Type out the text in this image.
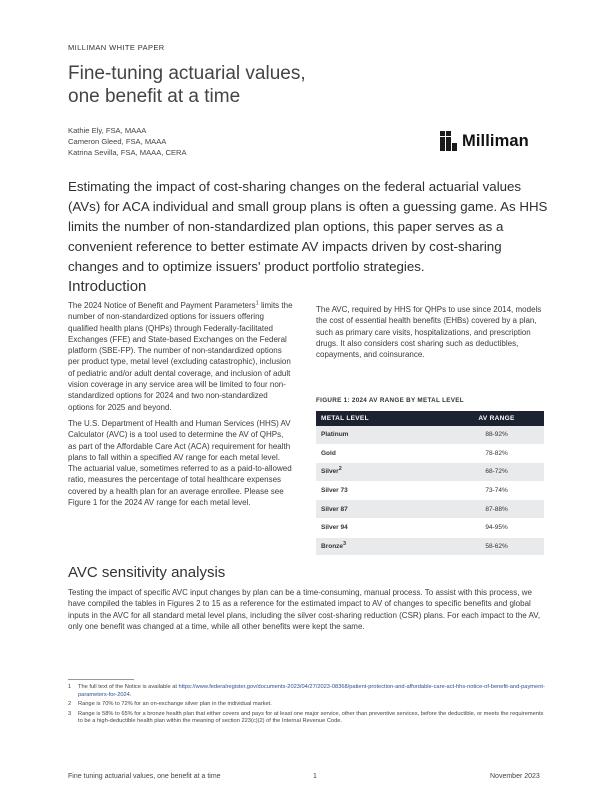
MILLIMAN WHITE PAPER
Fine-tuning actuarial values,
one benefit at a time
Kathie Ely, FSA, MAAA
Cameron Gleed, FSA, MAAA
Katrina Sevilla, FSA, MAAA, CERA
Milliman
Estimating the impact of cost-sharing changes on the federal actuarial values (AVs) for ACA individual and small group plans is often a guessing game. As HHS limits the number of non-standardized plan options, this paper serves as a convenient reference to better estimate AV impacts driven by cost-sharing changes and to optimize issuers' product portfolio strategies.
Introduction

The 2024 Notice of Benefit and Payment Parameters$^1$ limits the number of non-standardized options for issuers offering qualified health plans (QHPs) through Federally-facilitated Exchanges (FFE) and State-based Exchanges on the Federal platform (SBE-FP). The number of non-standardized options per product type, metal level (excluding catastrophic), inclusion of pediatric and/or adult dental coverage, and inclusion of adult vision coverage in any service area will be limited to four non-standardized options for 2024 and two non-standardized options for 2025 and beyond.

The U.S. Department of Health and Human Services (HHS) AV Calculator (AVC) is a tool used to determine the AV of QHPs, as part of the Affordable Care Act (ACA) requirement for health plans to fall within a specified AV range for each metal level. The actuarial value, sometimes referred to as a paid-to-allowed ratio, measures the percentage of total healthcare expenses covered by a health plan for an average enrollee. Please see Figure 1 for the 2024 AV range for each metal level.

The AVC, required by HHS for QHPs to use since 2014, models the cost of essential health benefits (EHBs) covered by a plan, such as primary care visits, hospitalizations, and prescription drugs. It also considers cost sharing such as deductibles, copayments, and coinsurance.

FIGURE 1: 2024 AV RANGE BY METAL LEVEL
METAL LEVEL	AV RANGE
Platinum	88-92%
Gold	78-82%
Silver$^2$	68-72%
Silver 73	73-74%
Silver 87	87-88%
Silver 94	94-95%
Bronze$^3$	58-62%
AVC sensitivity analysis
Testing the impact of specific AVC input changes by plan can be a time-consuming, manual process. To assist with this process, we have compiled the tables in Figures 2 to 15 as a reference for the estimated impact to AV of changes to specific benefits and global inputs in the AVC for all standard metal level plans, including the silver cost-sharing reduction (CSR) plans. For each impact to the AV, only one benefit was changed at a time, while all other benefits were kept the same.
1	The full text of the Notice is available at https://www.federalregister.gov/documents-2023/04/27/2023-08368/patient-protection-and-affordable-care-act-hhs-notice-of-benefit-and-payment-parameters-for-2024.
2	Range is 70% to 72% for an on-exchange silver plan in the individual market.
3	Range is 58% to 65% for a bronze health plan that either covers and pays for at least one major service, other than preventive services, before the deductible, or meets the requirements to be a high-deductible health plan within the meaning of section 223(c)(2) of the Internal Revenue Code.
Fine tuning actuarial values, one benefit at a time	1	November 2023
